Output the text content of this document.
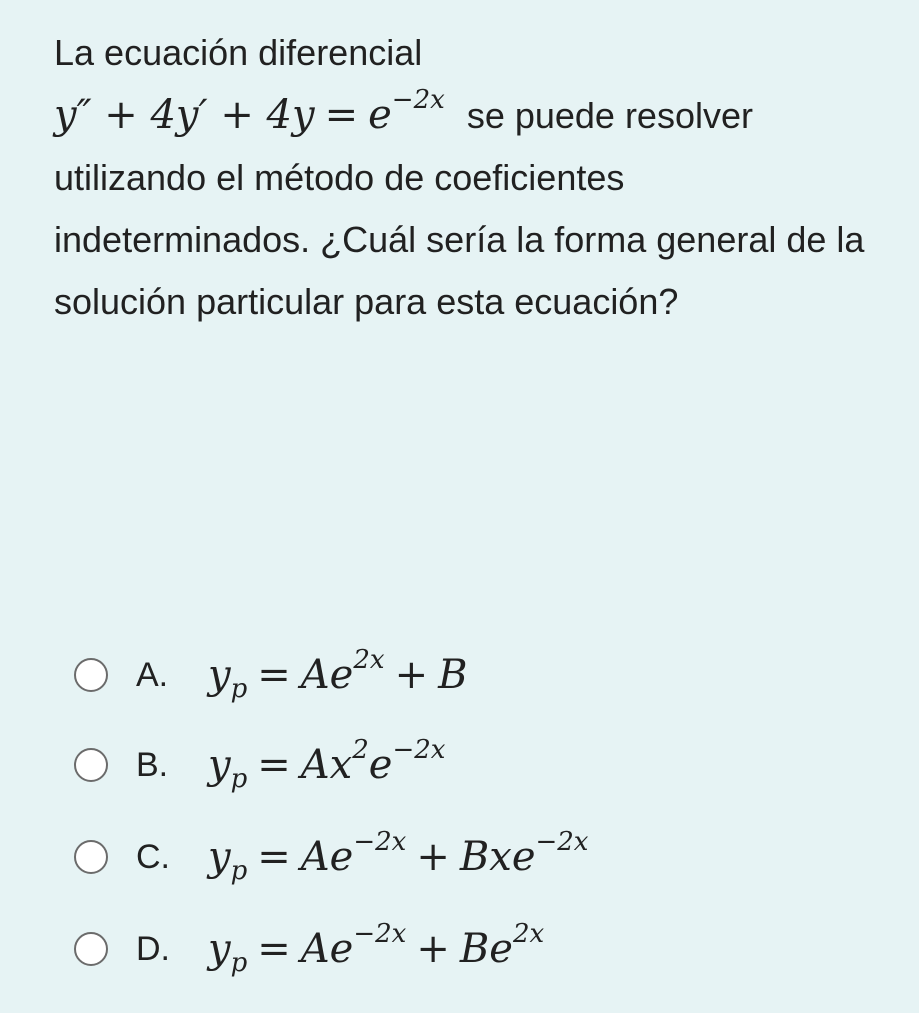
La ecuación diferencial

$y'' + 4y' + 4y = e^{-2x}$ se puede resolver

utilizando el método de coeficientes indeterminados. ¿Cuál sería la forma general de la solución particular para esta ecuación?

A. $y_p = Ae^{2x} + B$
B. $y_p = Ax^2e^{-2x}$
C. $y_p = Ae^{-2x} + Bxe^{-2x}$
D. $y_p = Ae^{-2x} + Be^{2x}$
